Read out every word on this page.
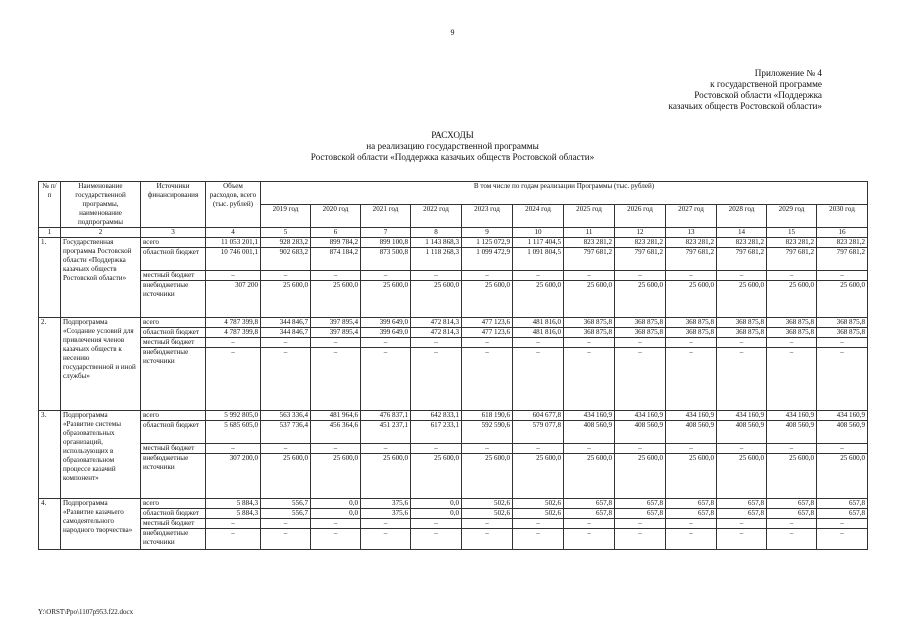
9
Приложение № 4
к государственой программе
Ростовской области «Поддержка
казачьих обществ Ростовской области»
РАСХОДЫ
на реализацию государственной программы
Ростовской области «Поддержка казачьих обществ Ростовской области»
№ п/п	Наименование государственной программы, наименование подпрограммы	Источники финансирования	Объем расходов, всего (тыс. рублей)	В том числе по годам реализации Программы (тыс. рублей)											
				2019 год	2020 год	2021 год	2022 год	2023 год	2024 год	2025 год	2026 год	2027 год	2028 год	2029 год	2030 год
1	2	3	4	5	6	7	8	9	10	11	12	13	14	15	16
1.	Государственная программа Ростовской области «Поддержка казачьих обществ Ростовской области»	всего	11 053 201,1	928 283,2	899 784,2	899 100,8	1 143 868,3	1 125 072,9	1 117 404,5	823 281,2	823 281,2	823 281,2	823 281,2	823 281,2	823 281,2
		областной бюджет	10 746 001,1	902 683,2	874 184,2	873 500,8	1 118 268,3	1 099 472,9	1 091 804,5	797 681,2	797 681,2	797 681,2	797 681,2	797 681,2	797 681,2
		местный бюджет	–	–	–	–	–	–	–	–	–	–	–	–	–
		внебюджетные источники	307 200	25 600,0	25 600,0	25 600,0	25 600,0	25 600,0	25 600,0	25 600,0	25 600,0	25 600,0	25 600,0	25 600,0	25 600,0
2.	Подпрограмма «Создание условий для привлечения членов казачьих обществ к несению государственной и иной службы»	всего	4 787 399,8	344 846,7	397 895,4	399 649,0	472 814,3	477 123,6	481 816,0	368 875,8	368 875,8	368 875,8	368 875,8	368 875,8	368 875,8
		областной бюджет	4 787 399,8	344 846,7	397 895,4	399 649,0	472 814,3	477 123,6	481 816,0	368 875,8	368 875,8	368 875,8	368 875,8	368 875,8	368 875,8
		местный бюджет	–	–	–	–	–	–	–	–	–	–	–	–	–
		внебюджетные источники	–	–	–	–	–	–	–	–	–	–	–	–	–
3.	Подпрограмма «Развитие системы образовательных организаций, использующих в образовательном процессе казачий компонент»	всего	5 992 805,0	563 336,4	481 964,6	476 837,1	642 833,1	618 190,6	604 677,8	434 160,9	434 160,9	434 160,9	434 160,9	434 160,9	434 160,9
		областной бюджет	5 685 605,0	537 736,4	456 364,6	451 237,1	617 233,1	592 590,6	579 077,8	408 560,9	408 560,9	408 560,9	408 560,9	408 560,9	408 560,9
		местный бюджет	–	–	–	–	–	–	–	–	–	–	–	–	–
		внебюджетные источники	307 200,0	25 600,0	25 600,0	25 600,0	25 600,0	25 600,0	25 600,0	25 600,0	25 600,0	25 600,0	25 600,0	25 600,0	25 600,0
4.	Подпрограмма «Развитие казачьего самодеятельного народного творчества»	всего	5 884,3	556,7	0,0	375,6	0,0	502,6	502,6	657,8	657,8	657,8	657,8	657,8	657,8
		областной бюджет	5 884,3	556,7	0,0	375,6	0,0	502,6	502,6	657,8	657,8	657,8	657,8	657,8	657,8
		местный бюджет	–	–	–	–	–	–	–	–	–	–	–	–	–
		внебюджетные источники	–	–	–	–	–	–	–	–	–	–	–	–	–
Y:\ORST\Ppo\1107p953.f22.docx
